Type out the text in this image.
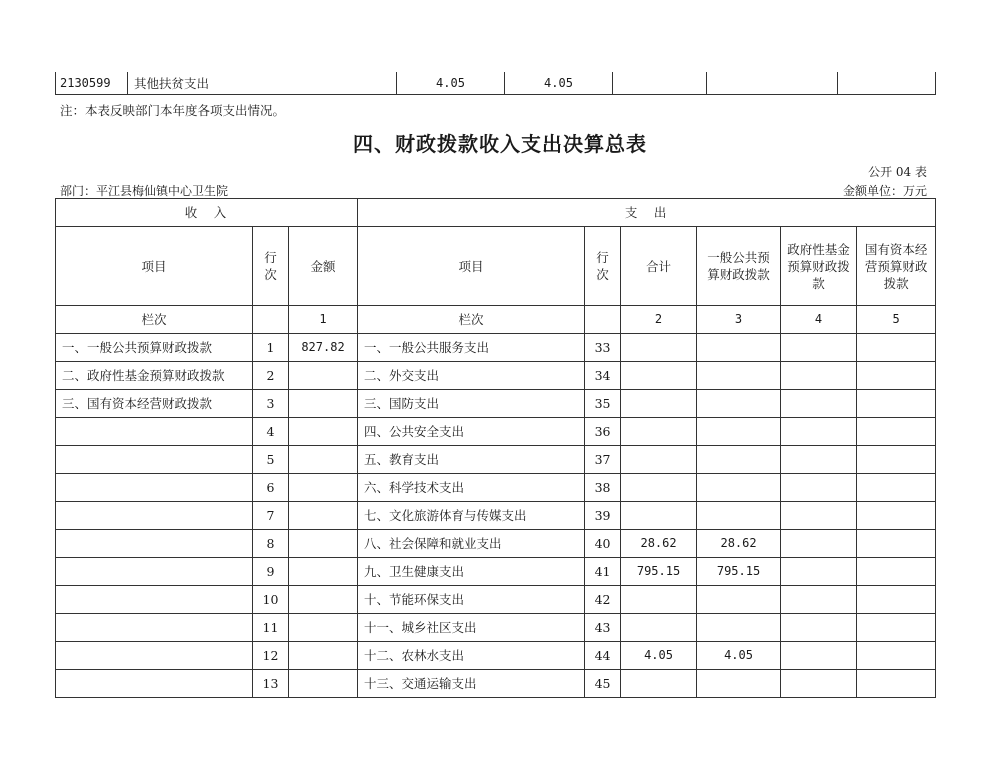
2130599	其他扶贫支出	4.05	4.05			
注：本表反映部门本年度各项支出情况。
四、财政拨款收入支出决算总表
公开 04 表
部门：平江县梅仙镇中心卫生院	金额单位：万元
收　入			支　出					
项目	行次	金额	项目	行次	合计	一般公共预算财政拨款	政府性基金预算财政拨款	国有资本经营预算财政拨款
栏次		1	栏次		2	3	4	5
一、一般公共预算财政拨款	1	827.82	一、一般公共服务支出	33				
二、政府性基金预算财政拨款	2		二、外交支出	34				
三、国有资本经营财政拨款	3		三、国防支出	35				
	4		四、公共安全支出	36				
	5		五、教育支出	37				
	6		六、科学技术支出	38				
	7		七、文化旅游体育与传媒支出	39				
	8		八、社会保障和就业支出	40	28.62	28.62		
	9		九、卫生健康支出	41	795.15	795.15		
	10		十、节能环保支出	42				
	11		十一、城乡社区支出	43				
	12		十二、农林水支出	44	4.05	4.05		
	13		十三、交通运输支出	45				
